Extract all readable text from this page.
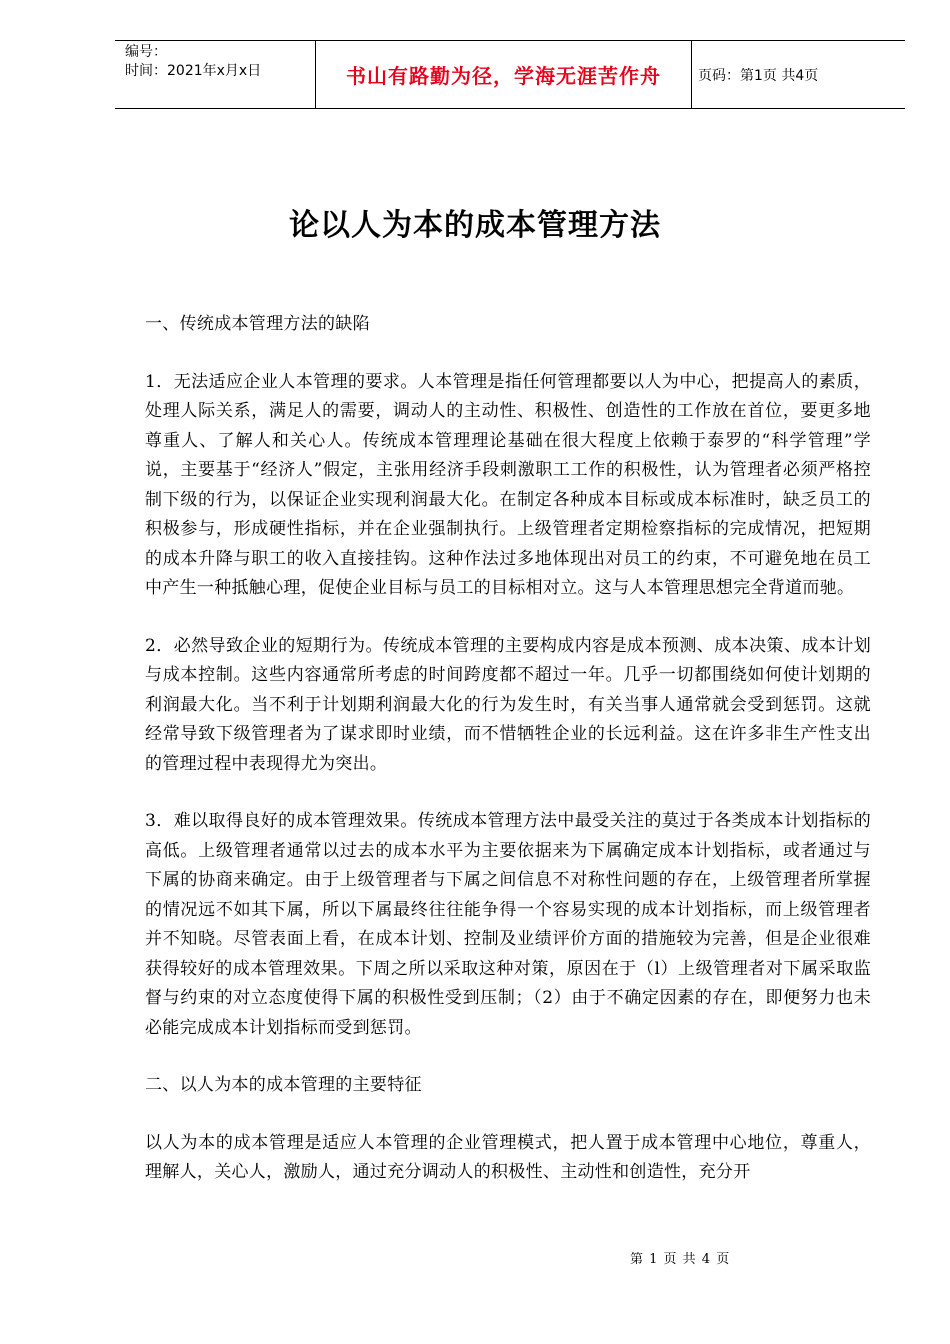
编号：
时间：2021年x月x日	书山有路勤为径，学海无涯苦作舟	页码：第1页 共4页
论以人为本的成本管理方法

一、传统成本管理方法的缺陷

1．无法适应企业人本管理的要求。人本管理是指任何管理都要以人为中心，把提高人的素质，处理人际关系，满足人的需要，调动人的主动性、积极性、创造性的工作放在首位，要更多地尊重人、了解人和关心人。传统成本管理理论基础在很大程度上依赖于泰罗的“科学管理”学说，主要基于“经济人”假定，主张用经济手段刺激职工工作的积极性，认为管理者必须严格控制下级的行为，以保证企业实现利润最大化。在制定各种成本目标或成本标准时，缺乏员工的积极参与，形成硬性指标，并在企业强制执行。上级管理者定期检察指标的完成情况，把短期的成本升降与职工的收入直接挂钩。这种作法过多地体现出对员工的约束，不可避免地在员工中产生一种抵触心理，促使企业目标与员工的目标相对立。这与人本管理思想完全背道而驰。

2．必然导致企业的短期行为。传统成本管理的主要构成内容是成本预测、成本决策、成本计划与成本控制。这些内容通常所考虑的时间跨度都不超过一年。几乎一切都围绕如何使计划期的利润最大化。当不利于计划期利润最大化的行为发生时，有关当事人通常就会受到惩罚。这就经常导致下级管理者为了谋求即时业绩，而不惜牺牲企业的长远利益。这在许多非生产性支出的管理过程中表现得尤为突出。

3．难以取得良好的成本管理效果。传统成本管理方法中最受关注的莫过于各类成本计划指标的高低。上级管理者通常以过去的成本水平为主要依据来为下属确定成本计划指标，或者通过与下属的协商来确定。由于上级管理者与下属之间信息不对称性问题的存在，上级管理者所掌握的情况远不如其下属，所以下属最终往往能争得一个容易实现的成本计划指标，而上级管理者并不知晓。尽管表面上看，在成本计划、控制及业绩评价方面的措施较为完善，但是企业很难获得较好的成本管理效果。下周之所以采取这种对策，原因在于（l）上级管理者对下属采取监督与约束的对立态度使得下属的积极性受到压制；（2）由于不确定因素的存在，即便努力也未必能完成成本计划指标而受到惩罚。

二、以人为本的成本管理的主要特征

以人为本的成本管理是适应人本管理的企业管理模式，把人置于成本管理中心地位，尊重人，理解人，关心人，激励人，通过充分调动人的积极性、主动性和创造性，充分开

第 1 页 共 4 页
